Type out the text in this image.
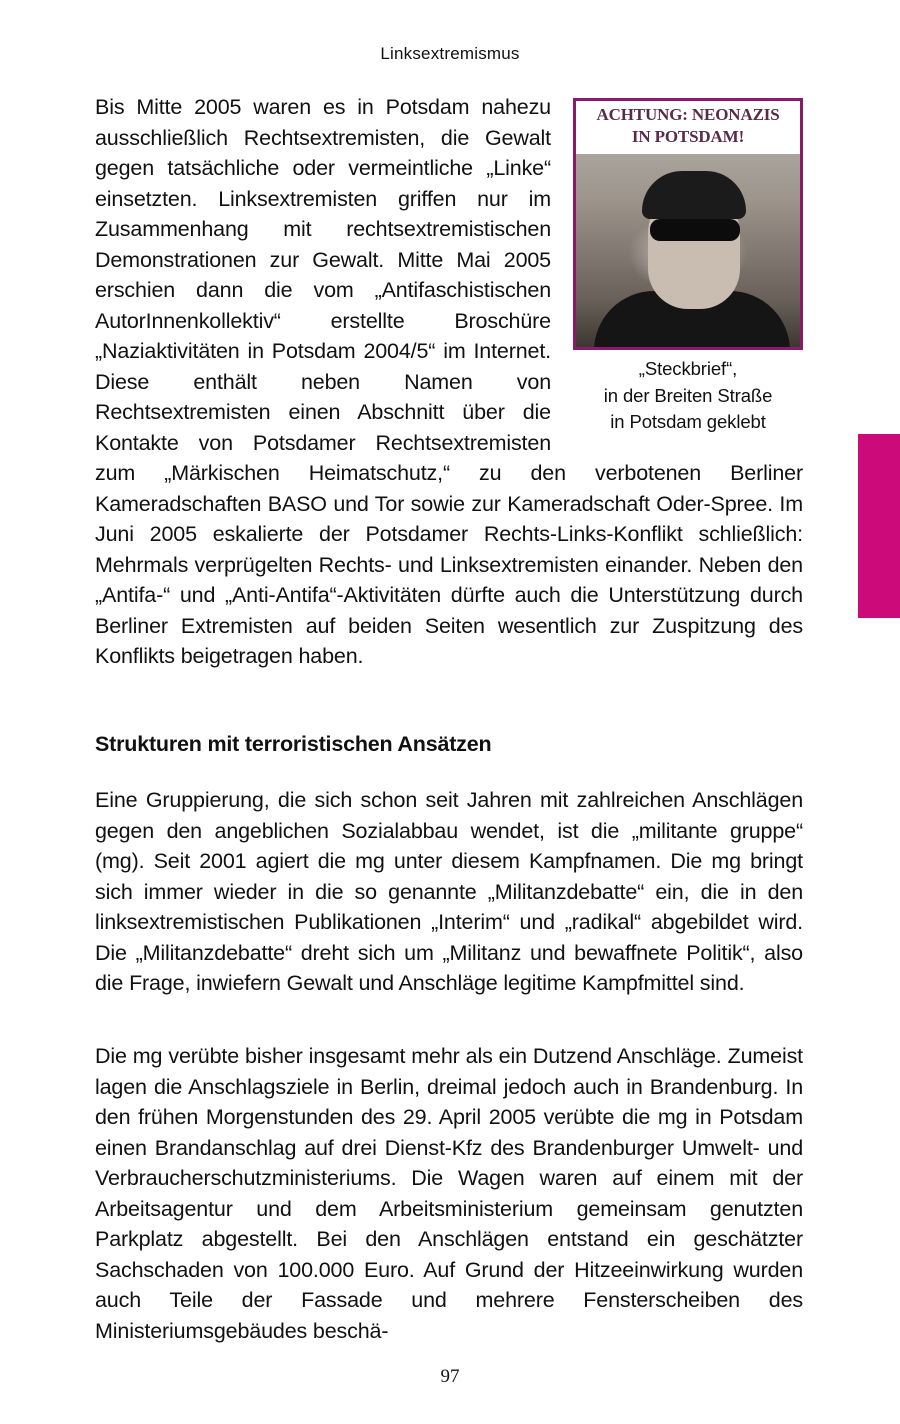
Linksextremismus
ACHTUNG: NEONAZIS
IN POTSDAM!
„Steckbrief“,
in der Breiten Straße
in Potsdam geklebt

Bis Mitte 2005 waren es in Potsdam nahezu ausschließlich Rechtsextremisten, die Gewalt gegen tatsächliche oder vermeintliche „Linke“ einsetzten. Linksextremisten griffen nur im Zusammenhang mit rechtsextremistischen Demonstrationen zur Gewalt. Mitte Mai 2005 erschien dann die vom „Antifaschistischen AutorInnenkollektiv“ erstellte Broschüre „Naziaktivitäten in Potsdam 2004/5“ im Internet. Diese enthält neben Namen von Rechtsextremisten einen Abschnitt über die Kontakte von Potsdamer Rechtsextremisten zum „Märkischen Heimatschutz,“ zu den verbotenen Berliner Kameradschaften BASO und Tor sowie zur Kameradschaft Oder-Spree. Im Juni 2005 eskalierte der Potsdamer Rechts-Links-Konflikt schließlich: Mehrmals verprügelten Rechts- und Linksextremisten einander. Neben den „Antifa-“ und „Anti-Antifa“-Aktivitäten dürfte auch die Unterstützung durch Berliner Extremisten auf beiden Seiten wesentlich zur Zuspitzung des Konflikts beigetragen haben.

Strukturen mit terroristischen Ansätzen

Eine Gruppierung, die sich schon seit Jahren mit zahlreichen Anschlägen gegen den angeblichen Sozialabbau wendet, ist die „militante gruppe“ (mg). Seit 2001 agiert die mg unter diesem Kampfnamen. Die mg bringt sich immer wieder in die so genannte „Militanzdebatte“ ein, die in den linksextremistischen Publikationen „Interim“ und „radikal“ abgebildet wird. Die „Militanzdebatte“ dreht sich um „Militanz und bewaffnete Politik“, also die Frage, inwiefern Gewalt und Anschläge legitime Kampfmittel sind.

Die mg verübte bisher insgesamt mehr als ein Dutzend Anschläge. Zumeist lagen die Anschlagsziele in Berlin, dreimal jedoch auch in Brandenburg. In den frühen Morgenstunden des 29. April 2005 verübte die mg in Potsdam einen Brandanschlag auf drei Dienst-Kfz des Brandenburger Umwelt- und Verbraucherschutzministeriums. Die Wagen waren auf einem mit der Arbeitsagentur und dem Arbeitsministerium gemeinsam genutzten Parkplatz abgestellt. Bei den Anschlägen entstand ein geschätzter Sachschaden von 100.000 Euro. Auf Grund der Hitzeeinwirkung wurden auch Teile der Fassade und mehrere Fensterscheiben des Ministeriumsgebäudes beschä-

97
